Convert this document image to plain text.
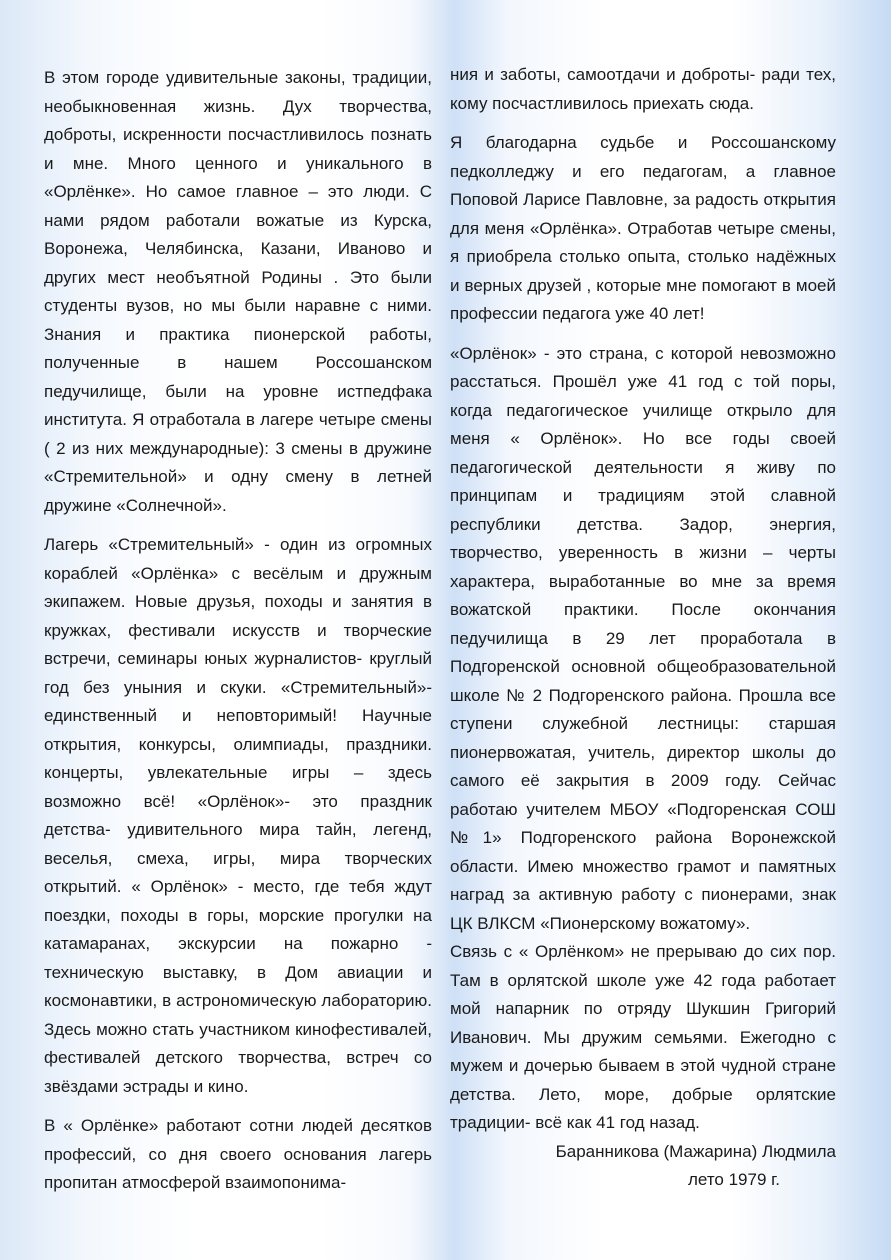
В этом городе удивительные законы, традиции, необыкновенная жизнь. Дух творчества, доброты, искренности посчастливилось познать и мне. Много ценного и уникального в «Орлёнке». Но самое главное – это люди. С нами рядом работали вожатые из Курска, Воронежа, Челябинска, Казани, Иваново и других мест необъятной Родины . Это были студенты вузов, но мы были наравне с ними. Знания и практика пионерской работы, полученные в нашем Россошанском педучилище, были на уровне истпедфака института. Я отработала в лагере четыре смены ( 2 из них международные): 3 смены в дружине «Стремительной» и одну смену в летней дружине «Солнечной».

Лагерь «Стремительный» - один из огромных кораблей «Орлёнка» с весёлым и дружным экипажем. Новые друзья, походы и занятия в кружках, фестивали искусств и творческие встречи, семинары юных журналистов- круглый год без уныния и скуки. «Стремительный»-единственный и неповторимый! Научные открытия, конкурсы, олимпиады, праздники. концерты, увлекательные игры – здесь возможно всё! «Орлёнок»- это праздник детства- удивительного мира тайн, легенд, веселья, смеха, игры, мира творческих открытий. « Орлёнок» - место, где тебя ждут поездки, походы в горы, морские прогулки на катамаранах, экскурсии на пожарно - техническую выставку, в Дом авиации и космонавтики, в астрономическую лабораторию. Здесь можно стать участником кинофестивалей, фестивалей детского творчества, встреч со звёздами эстрады и кино.

В « Орлёнке» работают сотни людей десятков профессий, со дня своего основания лагерь пропитан атмосферой взаимопонима-

ния и заботы, самоотдачи и доброты- ради тех, кому посчастливилось приехать сюда.

Я благодарна судьбе и Россошанскому педколледжу и его педагогам, а главное Поповой Ларисе Павловне, за радость открытия для меня «Орлёнка». Отработав четыре смены, я приобрела столько опыта, столько надёжных и верных друзей , которые мне помогают в моей профессии педагога уже 40 лет!

«Орлёнок» - это страна, с которой невозможно расстаться. Прошёл уже 41 год с той поры, когда педагогическое училище открыло для меня « Орлёнок». Но все годы своей педагогической деятельности я живу по принципам и традициям этой славной республики детства. Задор, энергия, творчество, уверенность в жизни – черты характера, выработанные во мне за время вожатской практики. После окончания педучилища в 29 лет проработала в Подгоренской основной общеобразовательной школе № 2 Подгоренского района. Прошла все ступени служебной лестницы: старшая пионервожатая, учитель, директор школы до самого её закрытия в 2009 году. Сейчас работаю учителем МБОУ «Подгоренская СОШ №1» Подгоренского района Воронежской области. Имею множество грамот и памятных наград за активную работу с пионерами, знак ЦК ВЛКСМ «Пионерскому вожатому».

Связь с « Орлёнком» не прерываю до сих пор. Там в орлятской школе уже 42 года работает мой напарник по отряду Шукшин Григорий Иванович. Мы дружим семьями. Ежегодно с мужем и дочерью бываем в этой чудной стране детства. Лето, море, добрые орлятские традиции- всё как 41 год назад.

Баранникова (Мажарина) Людмила
лето 1979 г.
